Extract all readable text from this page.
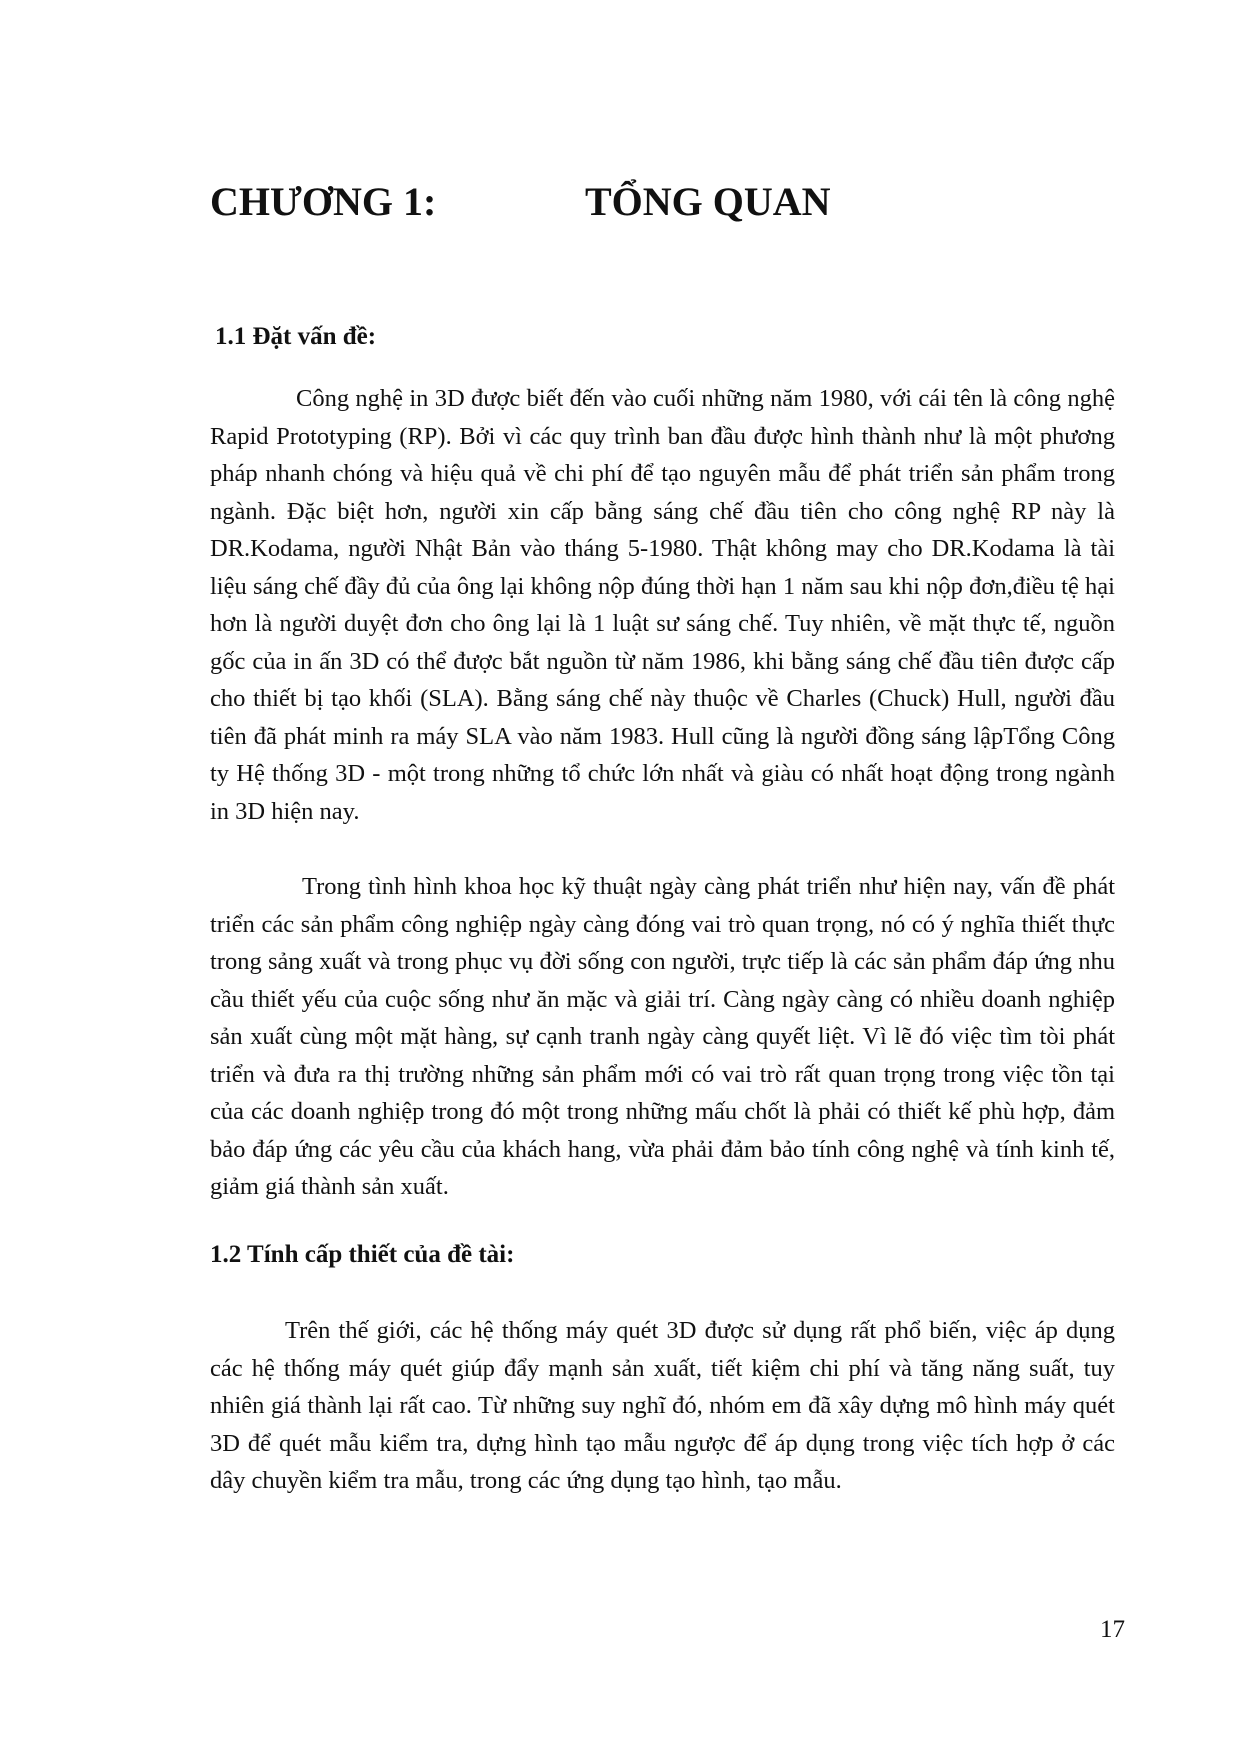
CHƯƠNG 1:	TỔNG QUAN
1.1 Đặt vấn đề:

Công nghệ in 3D được biết đến vào cuối những năm 1980, với cái tên là công nghệ Rapid Prototyping (RP). Bởi vì các quy trình ban đầu được hình thành như là một phương pháp nhanh chóng và hiệu quả về chi phí để tạo nguyên mẫu để phát triển sản phẩm trong ngành. Đặc biệt hơn, người xin cấp bằng sáng chế đầu tiên cho công nghệ RP này là DR.Kodama, người Nhật Bản vào tháng 5-1980. Thật không may cho DR.Kodama là tài liệu sáng chế đầy đủ của ông lại không nộp đúng thời hạn 1 năm sau khi nộp đơn,điều tệ hại hơn là người duyệt đơn cho ông lại là 1 luật sư sáng chế. Tuy nhiên, về mặt thực tế, nguồn gốc của in ấn 3D có thể được bắt nguồn từ năm 1986, khi bằng sáng chế đầu tiên được cấp cho thiết bị tạo khối (SLA). Bằng sáng chế này thuộc về Charles (Chuck) Hull, người đầu tiên đã phát minh ra máy SLA vào năm 1983. Hull cũng là người đồng sáng lậpTổng Công ty Hệ thống 3D - một trong những tổ chức lớn nhất và giàu có nhất hoạt động trong ngành in 3D hiện nay.

Trong tình hình khoa học kỹ thuật ngày càng phát triển như hiện nay, vấn đề phát triển các sản phẩm công nghiệp ngày càng đóng vai trò quan trọng, nó có ý nghĩa thiết thực trong sảng xuất và trong phục vụ đời sống con người, trực tiếp là các sản phẩm đáp ứng nhu cầu thiết yếu của cuộc sống như ăn mặc và giải trí. Càng ngày càng có nhiều doanh nghiệp sản xuất cùng một mặt hàng, sự cạnh tranh ngày càng quyết liệt. Vì lẽ đó việc tìm tòi phát triển và đưa ra thị trường những sản phẩm mới có vai trò rất quan trọng trong việc tồn tại của các doanh nghiệp trong đó một trong những mấu chốt là phải có thiết kế phù hợp, đảm bảo đáp ứng các yêu cầu của khách hang, vừa phải đảm bảo tính công nghệ và tính kinh tế, giảm giá thành sản xuất.

1.2 Tính cấp thiết của đề tài:

Trên thế giới, các hệ thống máy quét 3D được sử dụng rất phổ biến, việc áp dụng các hệ thống máy quét giúp đẩy mạnh sản xuất, tiết kiệm chi phí và tăng năng suất, tuy nhiên giá thành lại rất cao. Từ những suy nghĩ đó, nhóm em đã xây dựng mô hình máy quét 3D để quét mẫu kiểm tra, dựng hình tạo mẫu ngược để áp dụng trong việc tích hợp ở các dây chuyền kiểm tra mẫu, trong các ứng dụng tạo hình, tạo mẫu.

17
